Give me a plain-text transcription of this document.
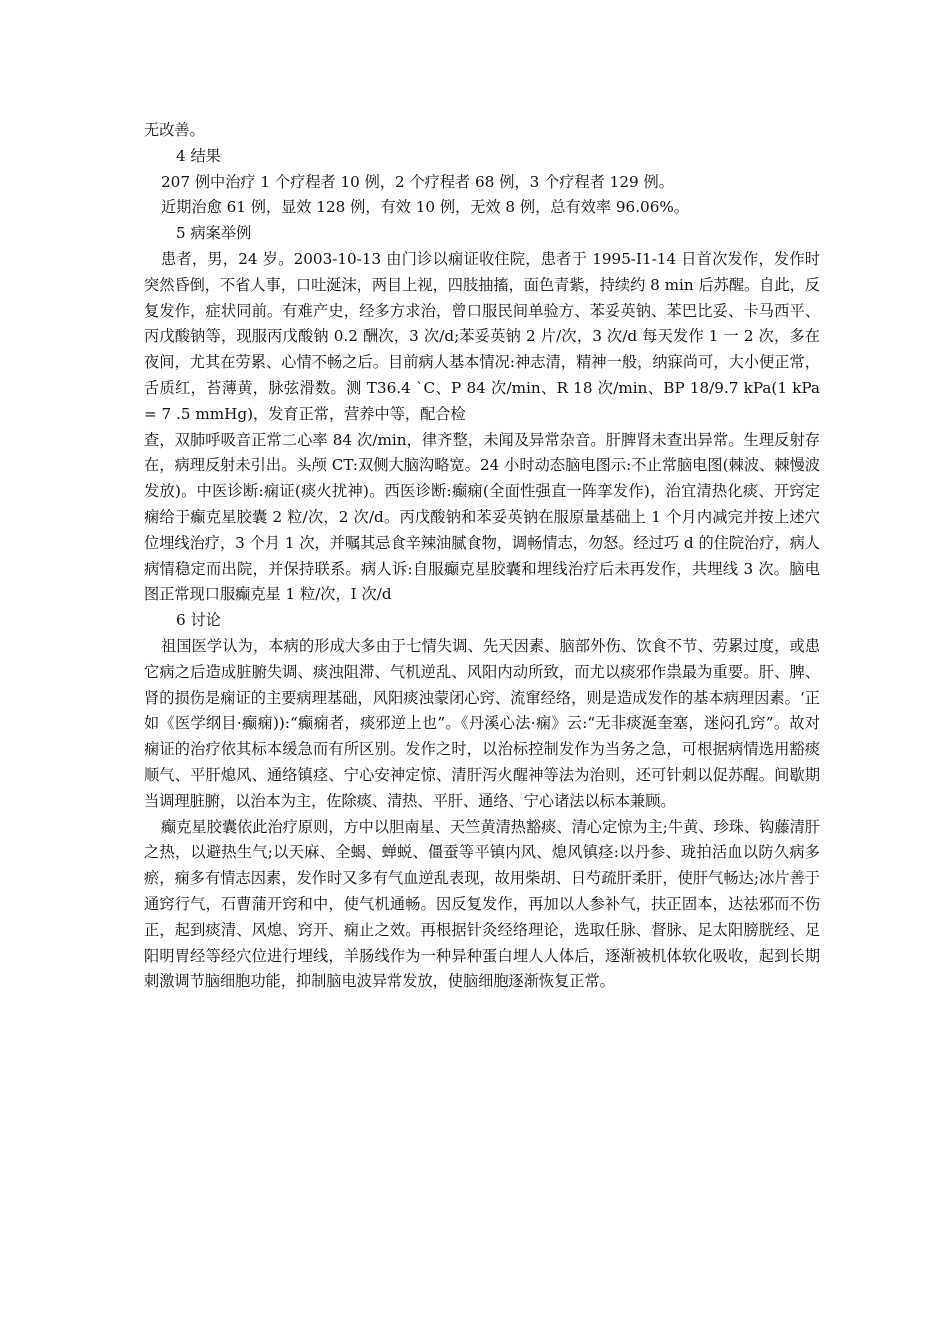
无改善。

4 结果

207 例中治疗 1 个疗程者 10 例，2 个疗程者 68 例，3 个疗程者 129 例。

近期治愈 61 例，显效 128 例，有效 10 例，无效 8 例，总有效率 96.06%。

5 病案举例

患者，男，24 岁。2003-10-13 由门诊以痫证收住院，患者于 1995-I1-14 日首次发作，发作时突然昏倒，不省人事，口吐涎沫，两目上视，四肢抽搐，面色青紫，持续约 8 min 后苏醒。自此，反复发作，症状同前。有难产史，经多方求治，曾口服民间单验方、苯妥英钠、苯巴比妥、卡马西平、丙戊酸钠等，现服丙戊酸钠 0.2 酬次，3 次/d;苯妥英钠 2 片/次，3 次/d 每天发作 1 一 2 次，多在夜间，尤其在劳累、心情不畅之后。目前病人基本情况:神志清，精神一般，纳寐尚可，大小便正常，舌质红，苔薄黄，脉弦滑数。测 T36.4 `C、P 84 次/min、R 18 次/min、BP 18/9.7 kPa(1 kPa = 7 .5 mmHg)，发育正常，营养中等，配合检

查，双肺呼吸音正常二心率 84 次/min，律齐整，未闻及异常杂音。肝脾肾未查出异常。生理反射存在，病理反射未引出。头颅 CT:双侧大脑沟略宽。24 小时动态脑电图示:不止常脑电图(棘波、棘慢波发放)。中医诊断:痫证(痰火扰神)。西医诊断:癫痫(全面性强直一阵挛发作)，治宜清热化痰、开窍定痫给于癫克星胶囊 2 粒/次，2 次/d。丙戊酸钠和苯妥英钠在服原量基础上 1 个月内减完并按上述穴位埋线治疗，3 个月 1 次，并嘱其忌食辛辣油腻食物，调畅情志，勿怒。经过巧 d 的住院治疗，病人病情稳定而出院，并保持联系。病人诉:自服癫克星胶囊和埋线治疗后未再发作，共埋线 3 次。脑电图正常现口服癫克星 1 粒/次，I 次/d

6 讨论

祖国医学认为，本病的形成大多由于七情失调、先天因素、脑部外伤、饮食不节、劳累过度，或患它病之后造成脏腑失调、痰浊阻滞、气机逆乱、风阳内动所致，而尤以痰邪作祟最为重要。肝、脾、肾的损伤是痫证的主要病理基础，风阳痰浊蒙闭心窍、流窜经络，则是造成发作的基本病理因素。‘正如《医学纲目·癫痫)):“癫痫者，痰邪逆上也”。《丹溪心法·痫》云:“无非痰涎奎塞，迷闷孔窍”。故对痫证的治疗依其标本缓急而有所区别。发作之时，以治标控制发作为当务之急，可根据病情选用豁痰顺气、平肝熄风、通络镇痉、宁心安神定惊、清肝泻火醒神等法为治则，还可针刺以促苏醒。间歇期当调理脏腑，以治本为主，佐除痰、清热、平肝、通络、宁心诸法以标本兼顾。

癫克星胶囊依此治疗原则，方中以胆南星、天竺黄清热豁痰、清心定惊为主;牛黄、珍珠、钩藤清肝之热，以避热生气;以天麻、全蝎、蝉蜕、僵蚕等平镇内风、熄风镇痉:以丹参、珑拍活血以防久病多瘀，痫多有情志因素，发作时又多有气血逆乱表现，故用柴胡、日芍疏肝柔肝，使肝气畅达;冰片善于通窍行气，石曹蒲开窍和中，使气机通畅。因反复发作，再加以人参补气，扶正固本，达祛邪而不伤正，起到痰清、风熄、窍开、痫止之效。再根据针灸经络理论，选取任脉、督脉、足太阳膀胱经、足阳明胃经等经穴位进行埋线，羊肠线作为一种异种蛋白埋人人体后，逐渐被机体软化吸收，起到长期刺激调节脑细胞功能，抑制脑电波异常发放，使脑细胞逐渐恢复正常。
